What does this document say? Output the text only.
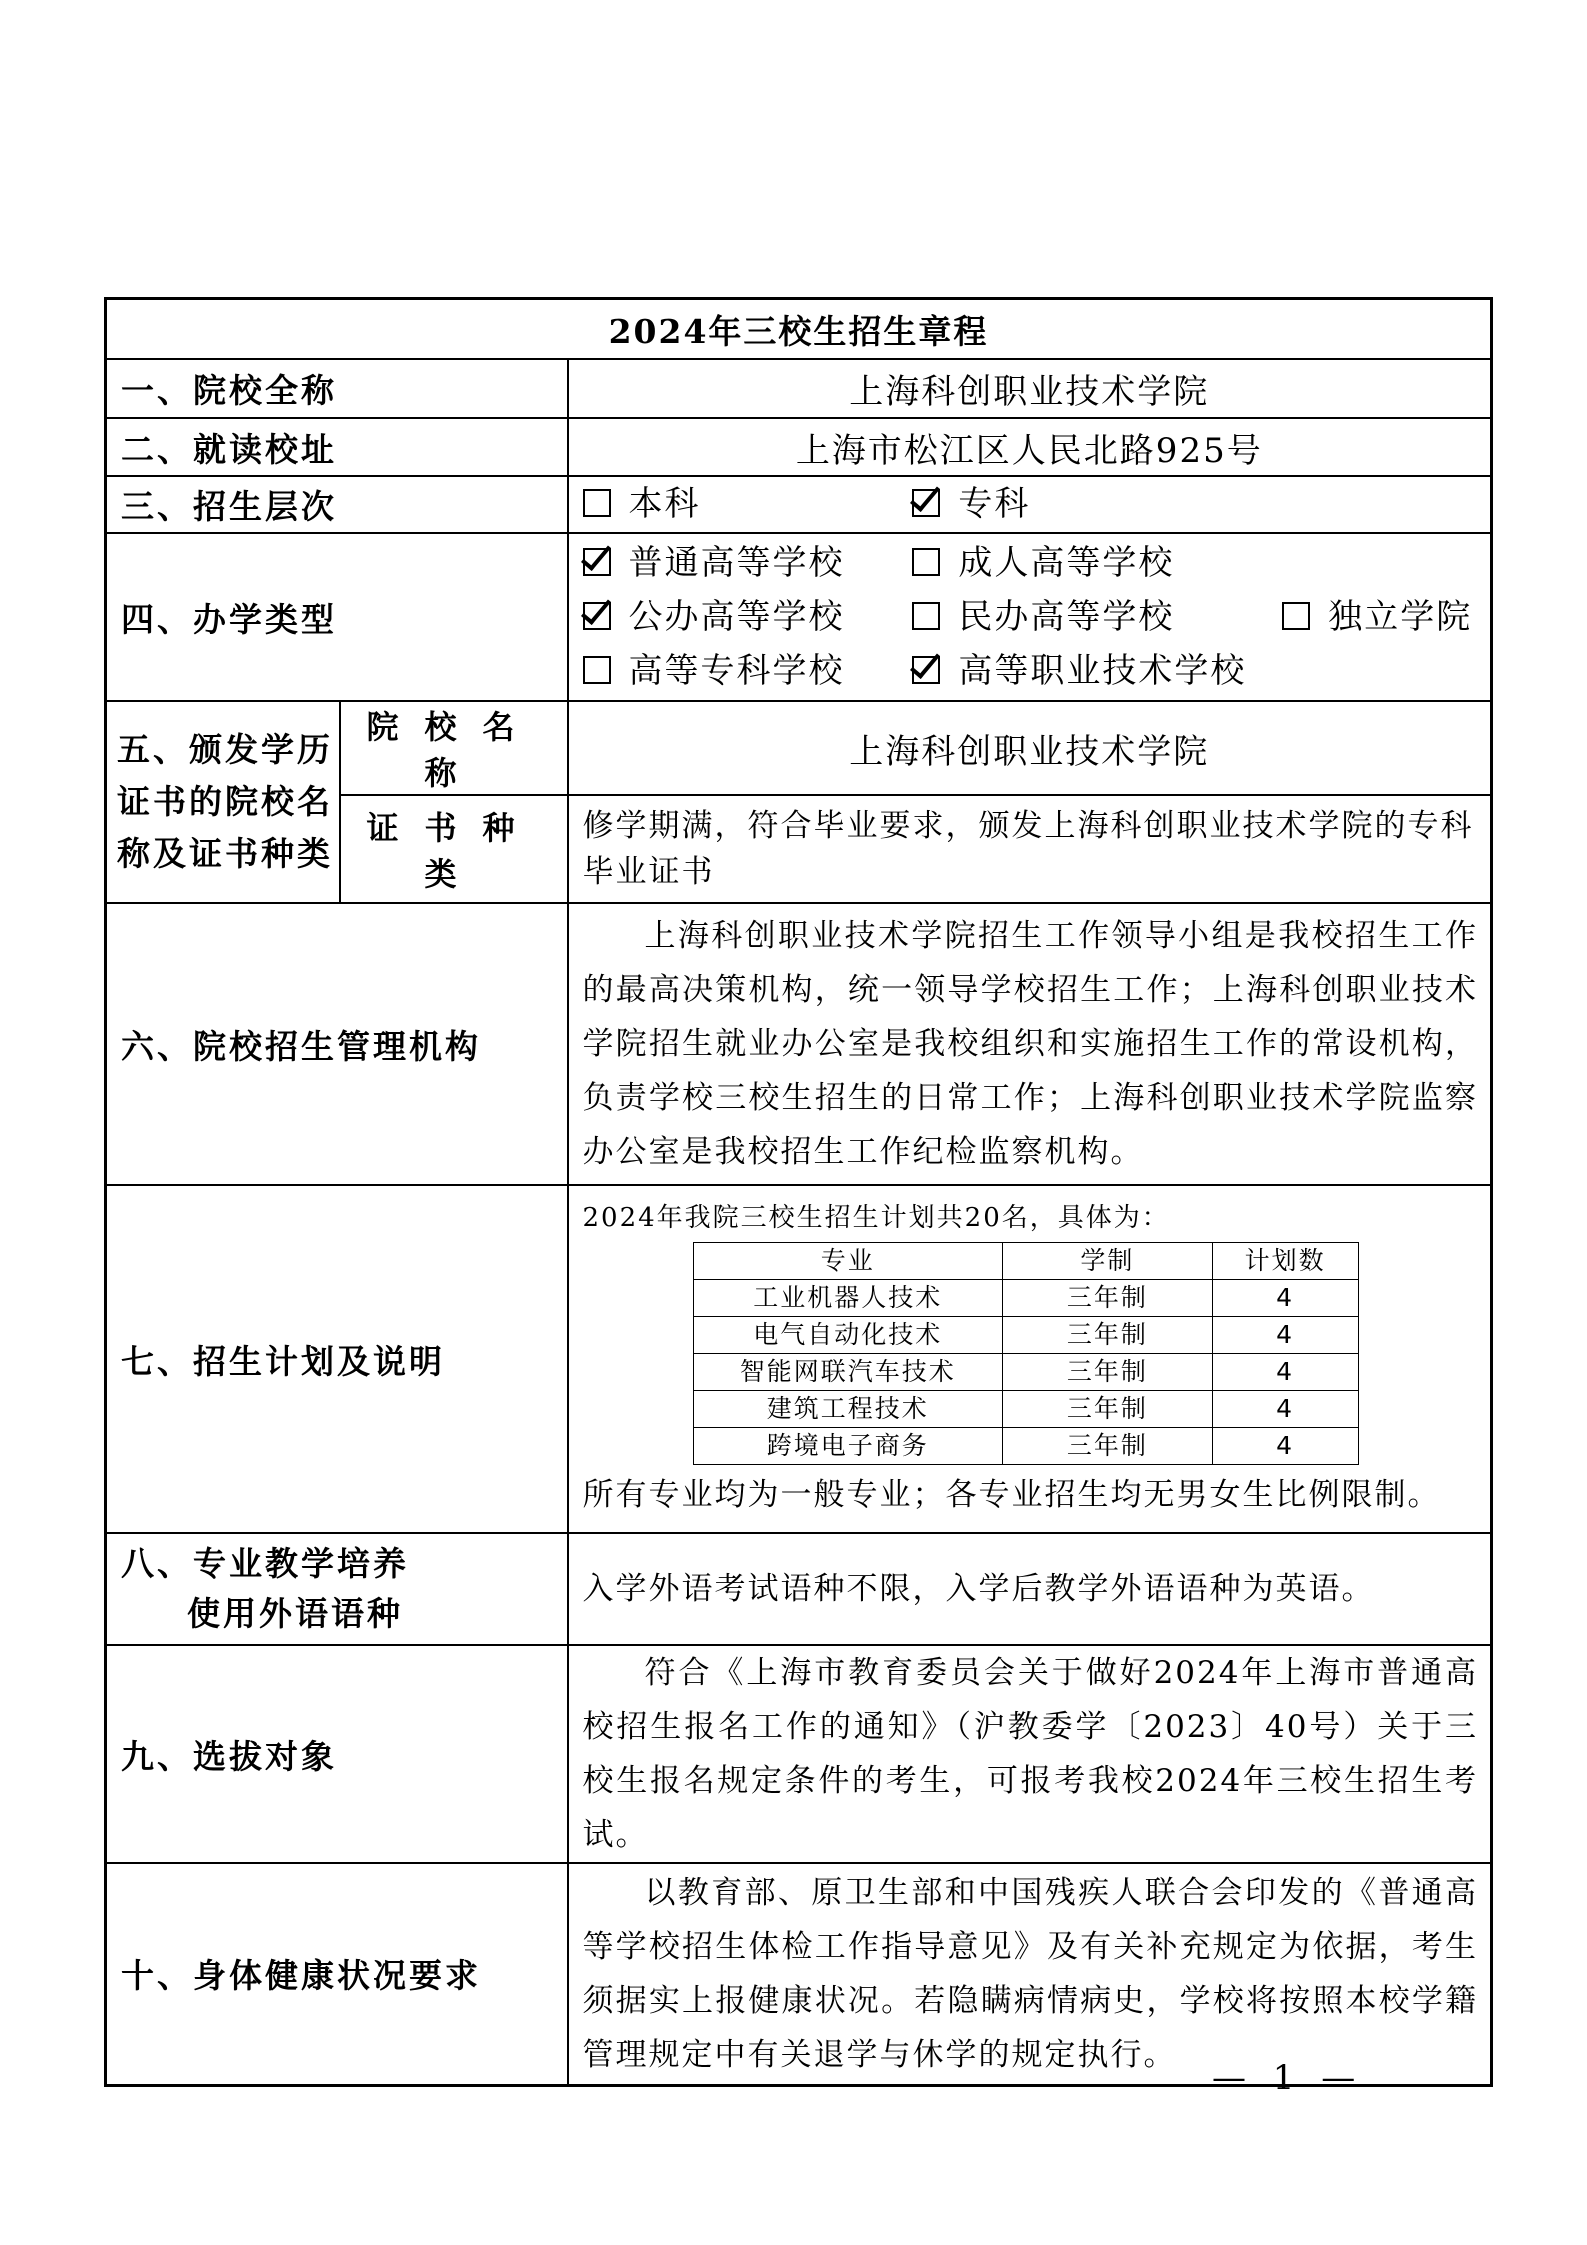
2024年三校生招生章程
一、院校全称	上海科创职业技术学院
二、就读校址	上海市松江区人民北路925号
三、招生层次	本科	专科
四、办学类型	
普通高等学校	成人高等学校
公办高等学校	民办高等学校	独立学院
高等专科学校	高等职业技术学校

五、颁发学历
证书的院校名
称及证书种类
	院校名称	上海科创职业技术学院
证书种类	修学期满，符合毕业要求，颁发上海科创职业技术学院的专科毕业证书
六、院校招生管理机构	上海科创职业技术学院招生工作领导小组是我校招生工作的最高决策机构，统一领导学校招生工作；上海科创职业技术学院招生就业办公室是我校组织和实施招生工作的常设机构，负责学校三校生招生的日常工作；上海科创职业技术学院监察办公室是我校招生工作纪检监察机构。
七、招生计划及说明	
2024年我院三校生招生计划共20名，具体为：
专业	学制	计划数
工业机器人技术	三年制	4
电气自动化技术	三年制	4
智能网联汽车技术	三年制	4
建筑工程技术	三年制	4
跨境电子商务	三年制	4
所有专业均为一般专业；各专业招生均无男女生比例限制。

八、专业教学培养
使用外语语种
	入学外语考试语种不限，入学后教学外语语种为英语。
九、选拔对象	符合《上海市教育委员会关于做好2024年上海市普通高校招生报名工作的通知》（沪教委学〔2023〕40号）关于三校生报名规定条件的考生，可报考我校2024年三校生招生考试。
十、身体健康状况要求	以教育部、原卫生部和中国残疾人联合会印发的《普通高等学校招生体检工作指导意见》及有关补充规定为依据，考生须据实上报健康状况。若隐瞒病情病史，学校将按照本校学籍管理规定中有关退学与休学的规定执行。
— 1 —
